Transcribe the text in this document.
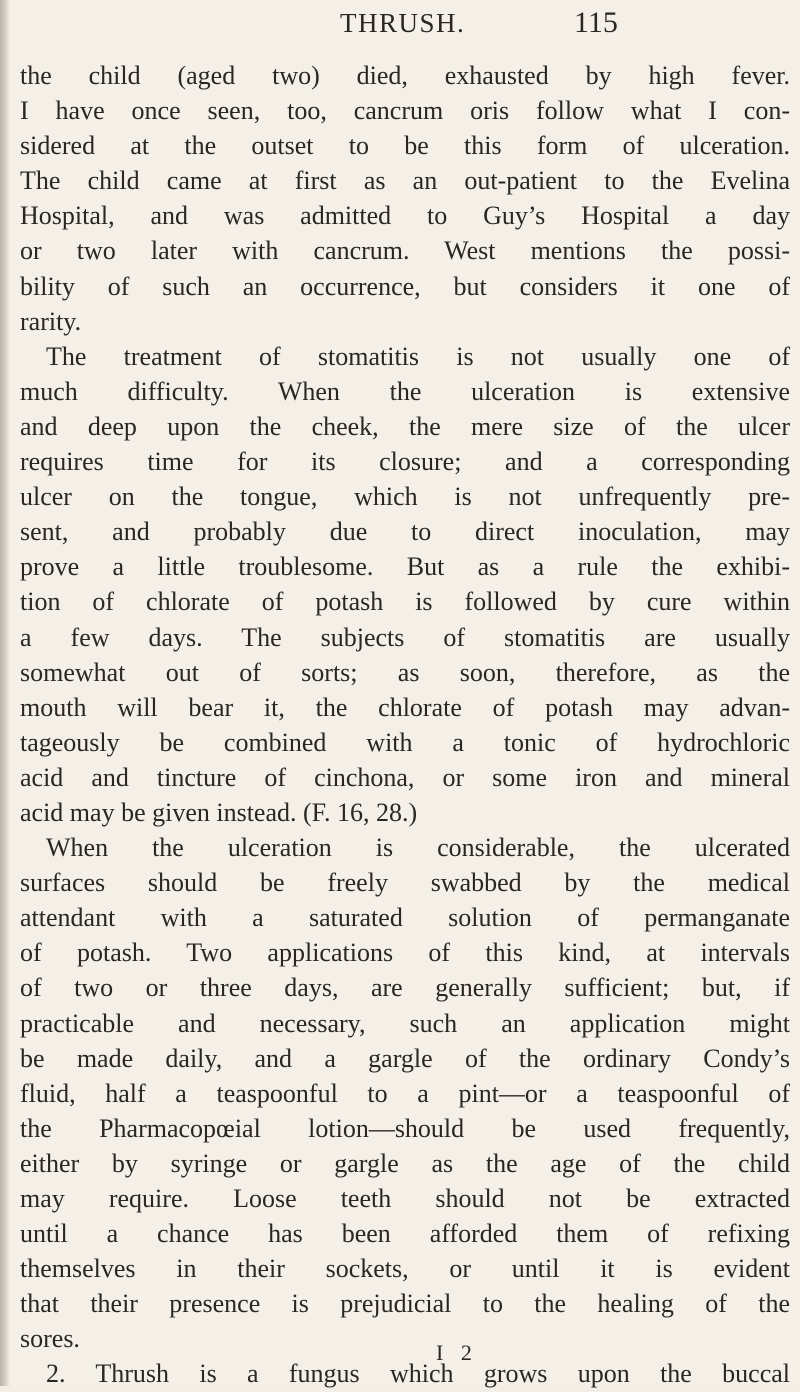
THRUSH.	115
the child (aged two) died, exhausted by high fever.
I have once seen, too, cancrum oris follow what I con-
sidered at the outset to be this form of ulceration.
The child came at first as an out-patient to the Evelina
Hospital, and was admitted to Guy’s Hospital a day
or two later with cancrum. West mentions the possi-
bility of such an occurrence, but considers it one of
rarity.
The treatment of stomatitis is not usually one of
much difficulty. When the ulceration is extensive
and deep upon the cheek, the mere size of the ulcer
requires time for its closure; and a corresponding
ulcer on the tongue, which is not unfrequently pre-
sent, and probably due to direct inoculation, may
prove a little troublesome. But as a rule the exhibi-
tion of chlorate of potash is followed by cure within
a few days. The subjects of stomatitis are usually
somewhat out of sorts; as soon, therefore, as the
mouth will bear it, the chlorate of potash may advan-
tageously be combined with a tonic of hydrochloric
acid and tincture of cinchona, or some iron and mineral
acid may be given instead. (F. 16, 28.)
When the ulceration is considerable, the ulcerated
surfaces should be freely swabbed by the medical
attendant with a saturated solution of permanganate
of potash. Two applications of this kind, at intervals
of two or three days, are generally sufficient; but, if
practicable and necessary, such an application might
be made daily, and a gargle of the ordinary Condy’s
fluid, half a teaspoonful to a pint—or a teaspoonful of
the Pharmacopœial lotion—should be used frequently,
either by syringe or gargle as the age of the child
may require. Loose teeth should not be extracted
until a chance has been afforded them of refixing
themselves in their sockets, or until it is evident
that their presence is prejudicial to the healing of the
sores.
2. Thrush is a fungus which grows upon the buccal
I 2
